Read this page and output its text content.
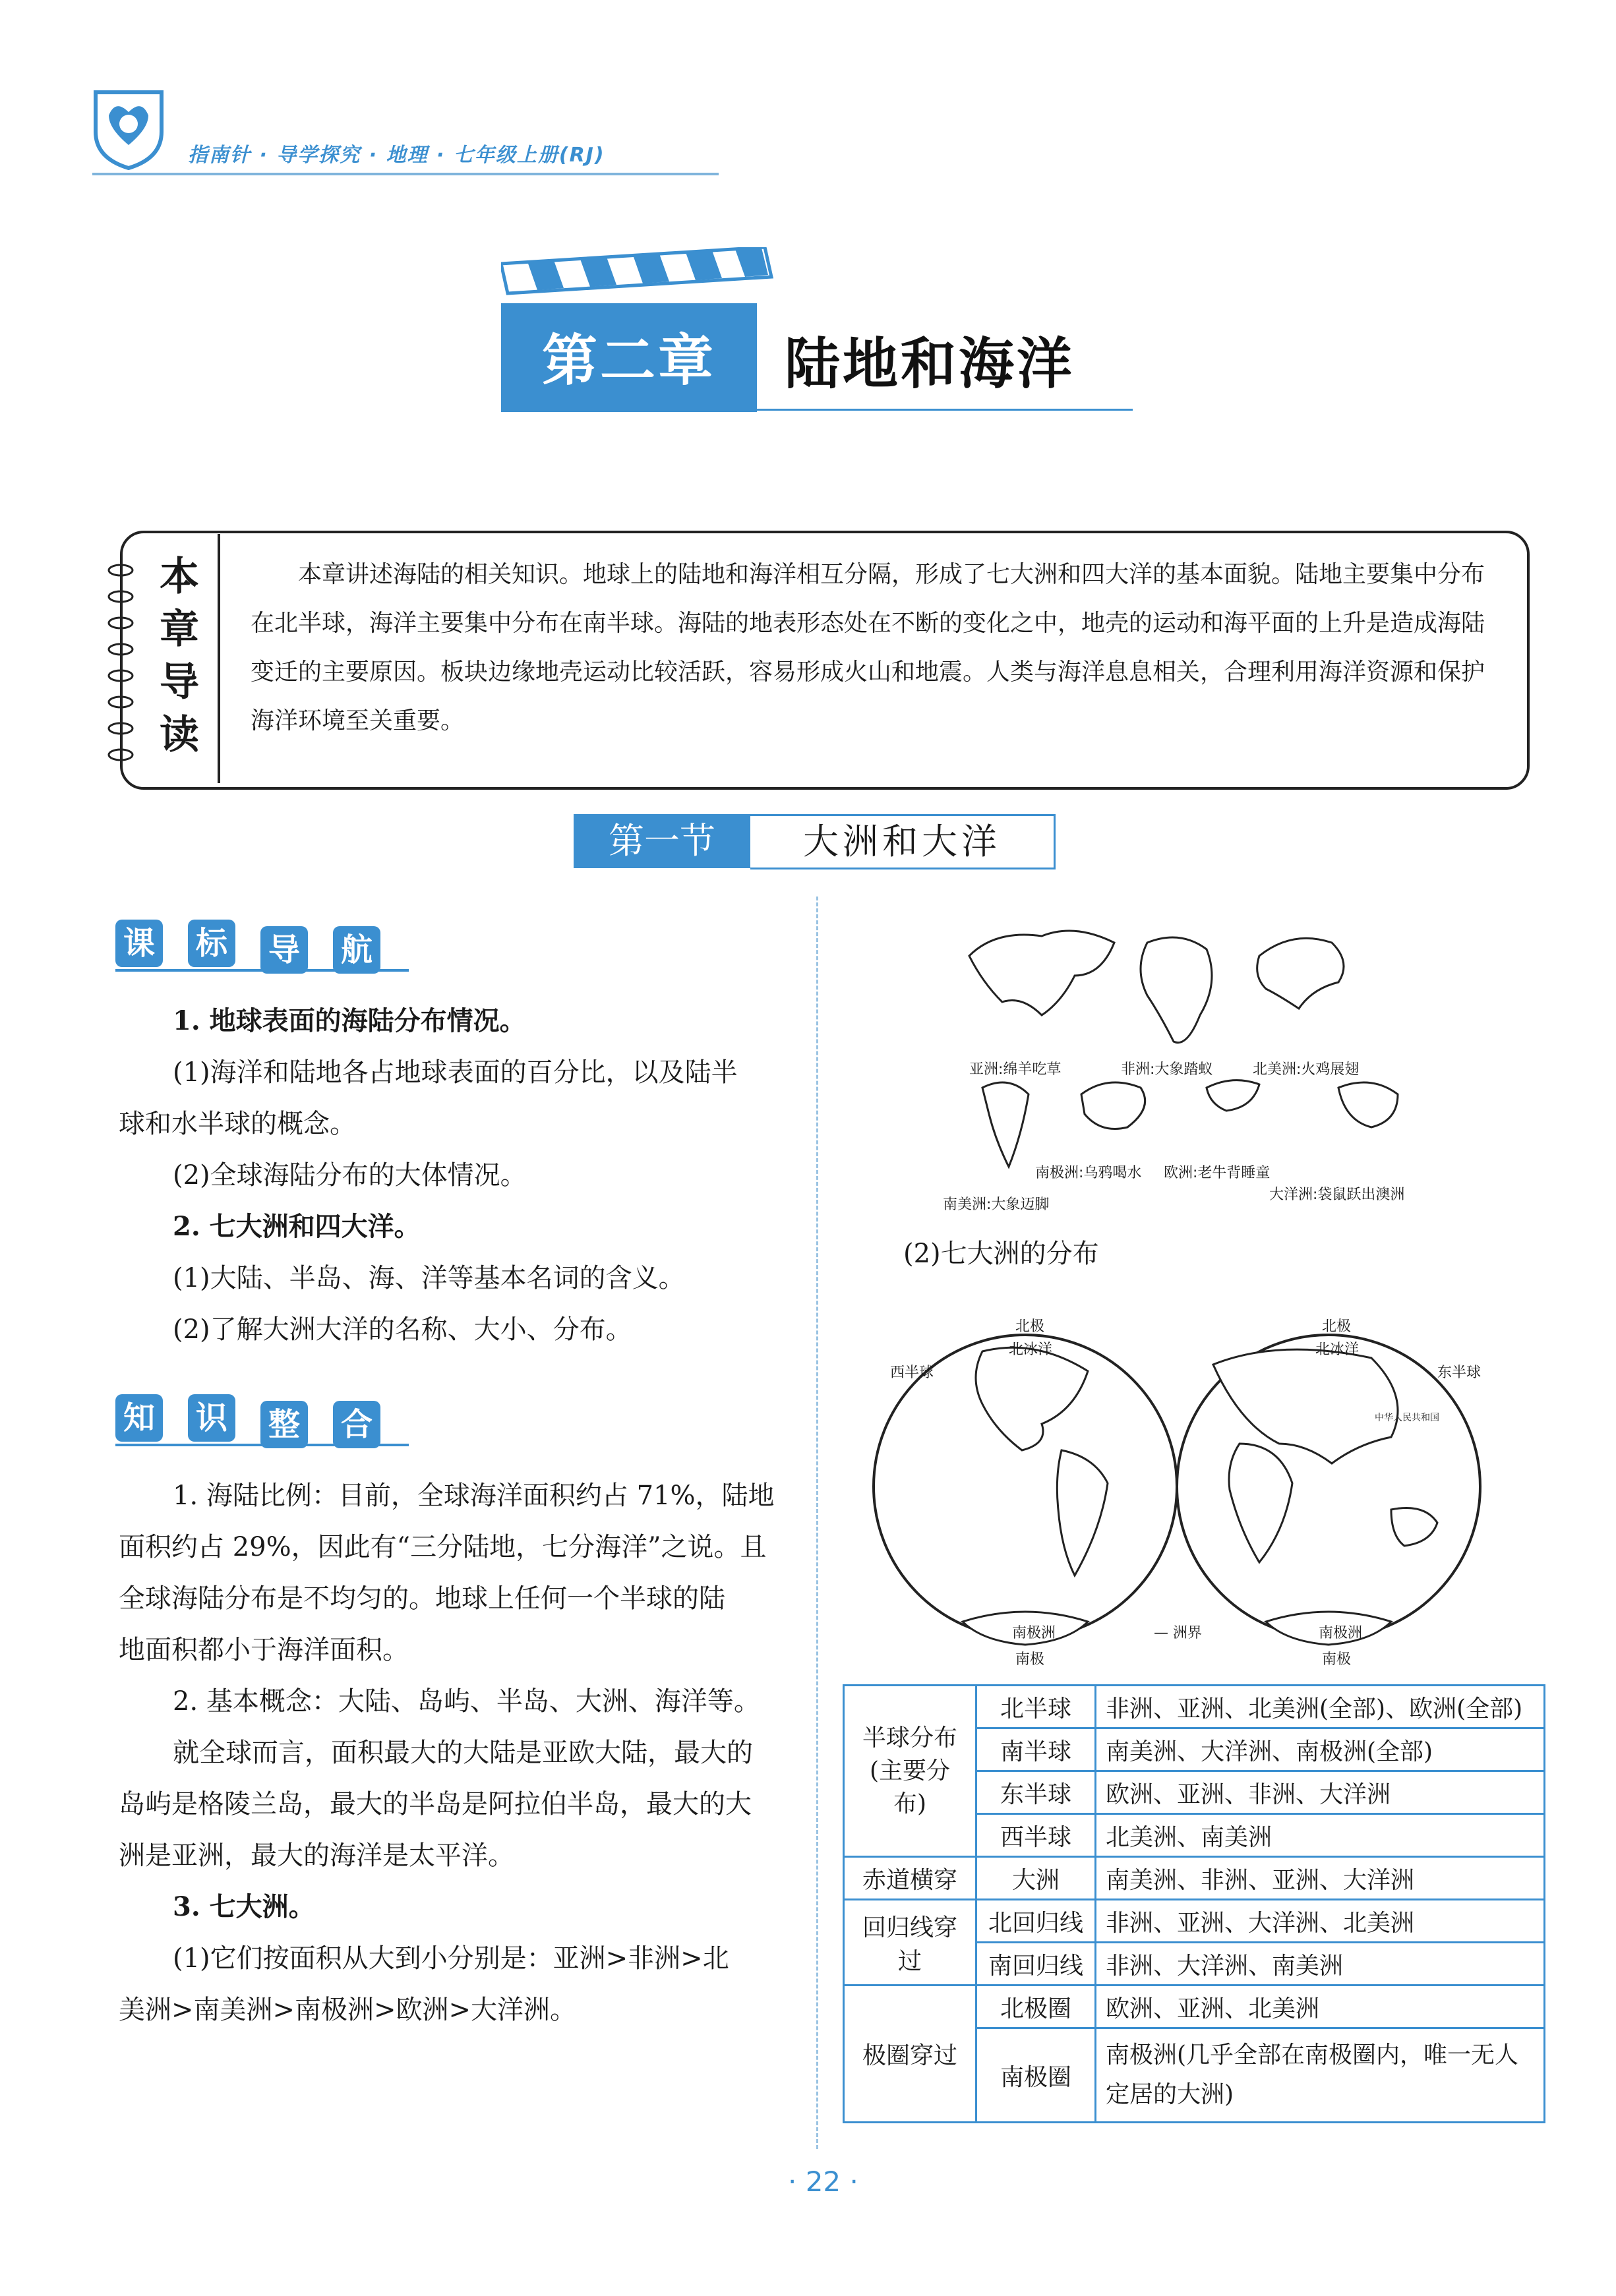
指南针 · 导学探究 · 地理 · 七年级上册(RJ)
第二章	陆地和海洋
本
章
导
读
本章讲述海陆的相关知识。地球上的陆地和海洋相互分隔，形成了七大洲和四大洋的基本面貌。陆地主要集中分布在北半球，海洋主要集中分布在南半球。海陆的地表形态处在不断的变化之中，地壳的运动和海平面的上升是造成海陆变迁的主要原因。板块边缘地壳运动比较活跃，容易形成火山和地震。人类与海洋息息相关，合理利用海洋资源和保护海洋环境至关重要。
第一节	大洲和大洋
课 标 导 航
1. 地球表面的海陆分布情况。
(1)海洋和陆地各占地球表面的百分比，以及陆半
球和水半球的概念。
(2)全球海陆分布的大体情况。
2. 七大洲和四大洋。
(1)大陆、半岛、海、洋等基本名词的含义。
(2)了解大洲大洋的名称、大小、分布。
知 识 整 合
1. 海陆比例：目前，全球海洋面积约占 71%，陆地
面积约占 29%，因此有“三分陆地，七分海洋”之说。且
全球海陆分布是不均匀的。地球上任何一个半球的陆
地面积都小于海洋面积。
2. 基本概念：大陆、岛屿、半岛、大洲、海洋等。
就全球而言，面积最大的大陆是亚欧大陆，最大的
岛屿是格陵兰岛，最大的半岛是阿拉伯半岛，最大的大
洲是亚洲，最大的海洋是太平洋。
3. 七大洲。
(1)它们按面积从大到小分别是：亚洲>非洲>北
美洲>南美洲>南极洲>欧洲>大洋洲。
亚洲:绵羊吃草	非洲:大象踏蚁	北美洲:火鸡展翅
南极洲:乌鸦喝水 欧洲:老牛背睡童
南美洲:大象迈脚
大洋洲:袋鼠跃出澳洲
(2)七大洲的分布
北极	北极
北冰洋	北冰洋
西半球	东半球
中华人民共和国
南极洲	南极洲
南极	南极
— 洲界
半球分布
(主要分布)	北半球	非洲、亚洲、北美洲(全部)、欧洲(全部)
	南半球	南美洲、大洋洲、南极洲(全部)
	东半球	欧洲、亚洲、非洲、大洋洲
	西半球	北美洲、南美洲
赤道横穿	大洲	南美洲、非洲、亚洲、大洋洲
回归线穿过	北回归线	非洲、亚洲、大洋洲、北美洲
	南回归线	非洲、大洋洲、南美洲
极圈穿过	北极圈	欧洲、亚洲、北美洲
	南极圈	南极洲(几乎全部在南极圈内，唯一无人定居的大洲)
· 22 ·
